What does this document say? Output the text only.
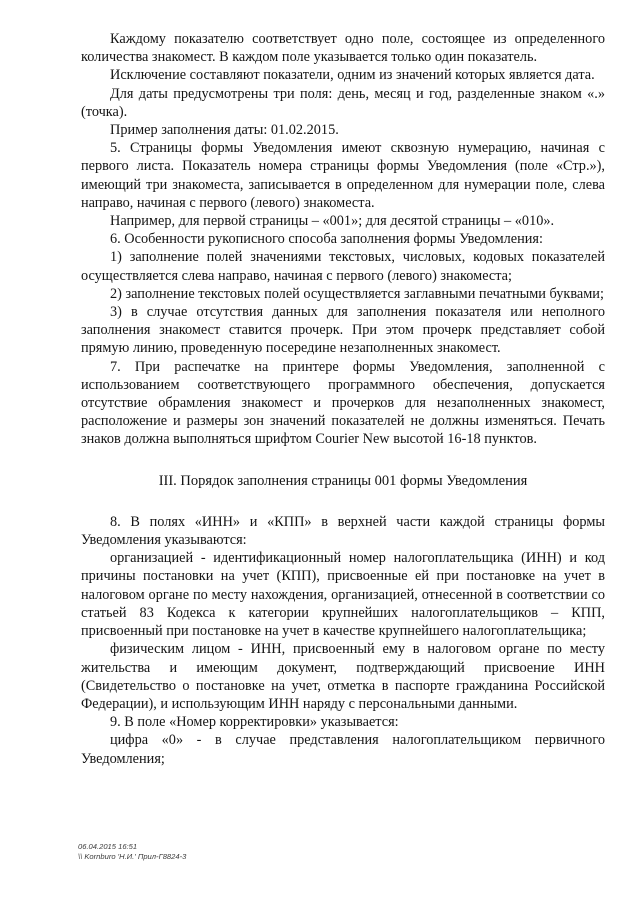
Каждому показателю соответствует одно поле, состоящее из определенного количества знакомест. В каждом поле указывается только один показатель.

Исключение составляют показатели, одним из значений которых является дата.

Для даты предусмотрены три поля: день, месяц и год, разделенные знаком «.» (точка).

Пример заполнения даты: 01.02.2015.

5. Страницы формы Уведомления имеют сквозную нумерацию, начиная с первого листа. Показатель номера страницы формы Уведомления (поле «Стр.»), имеющий три знакоместа, записывается в определенном для нумерации поле, слева направо, начиная с первого (левого) знакоместа.

Например, для первой страницы – «001»; для десятой страницы – «010».

6. Особенности рукописного способа заполнения формы Уведомления:

1) заполнение полей значениями текстовых, числовых, кодовых показателей осуществляется слева направо, начиная с первого (левого) знакоместа;

2) заполнение текстовых полей осуществляется заглавными печатными буквами;

3) в случае отсутствия данных для заполнения показателя или неполного заполнения знакомест ставится прочерк. При этом прочерк представляет собой прямую линию, проведенную посередине незаполненных знакомест.

7. При распечатке на принтере формы Уведомления, заполненной с использованием соответствующего программного обеспечения, допускается отсутствие обрамления знакомест и прочерков для незаполненных знакомест, расположение и размеры зон значений показателей не должны изменяться. Печать знаков должна выполняться шрифтом Courier New высотой 16-18 пунктов.

III. Порядок заполнения страницы 001 формы Уведомления

8. В полях «ИНН» и «КПП» в верхней части каждой страницы формы Уведомления указываются:

организацией - идентификационный номер налогоплательщика (ИНН) и код причины постановки на учет (КПП), присвоенные ей при постановке на учет в налоговом органе по месту нахождения, организацией, отнесенной в соответствии со статьей 83 Кодекса к категории крупнейших налогоплательщиков – КПП, присвоенный при постановке на учет в качестве крупнейшего налогоплательщика;

физическим лицом - ИНН, присвоенный ему в налоговом органе по месту жительства и имеющим документ, подтверждающий присвоение ИНН (Свидетельство о постановке на учет, отметка в паспорте гражданина Российской Федерации), и использующим ИНН наряду с персональными данными.

9. В поле «Номер корректировки» указывается:

цифра «0» - в случае представления налогоплательщиком первичного Уведомления;

06.04.2015 16:51
\\ Kornburo 'Н.И.' Прил-Г8824-3
